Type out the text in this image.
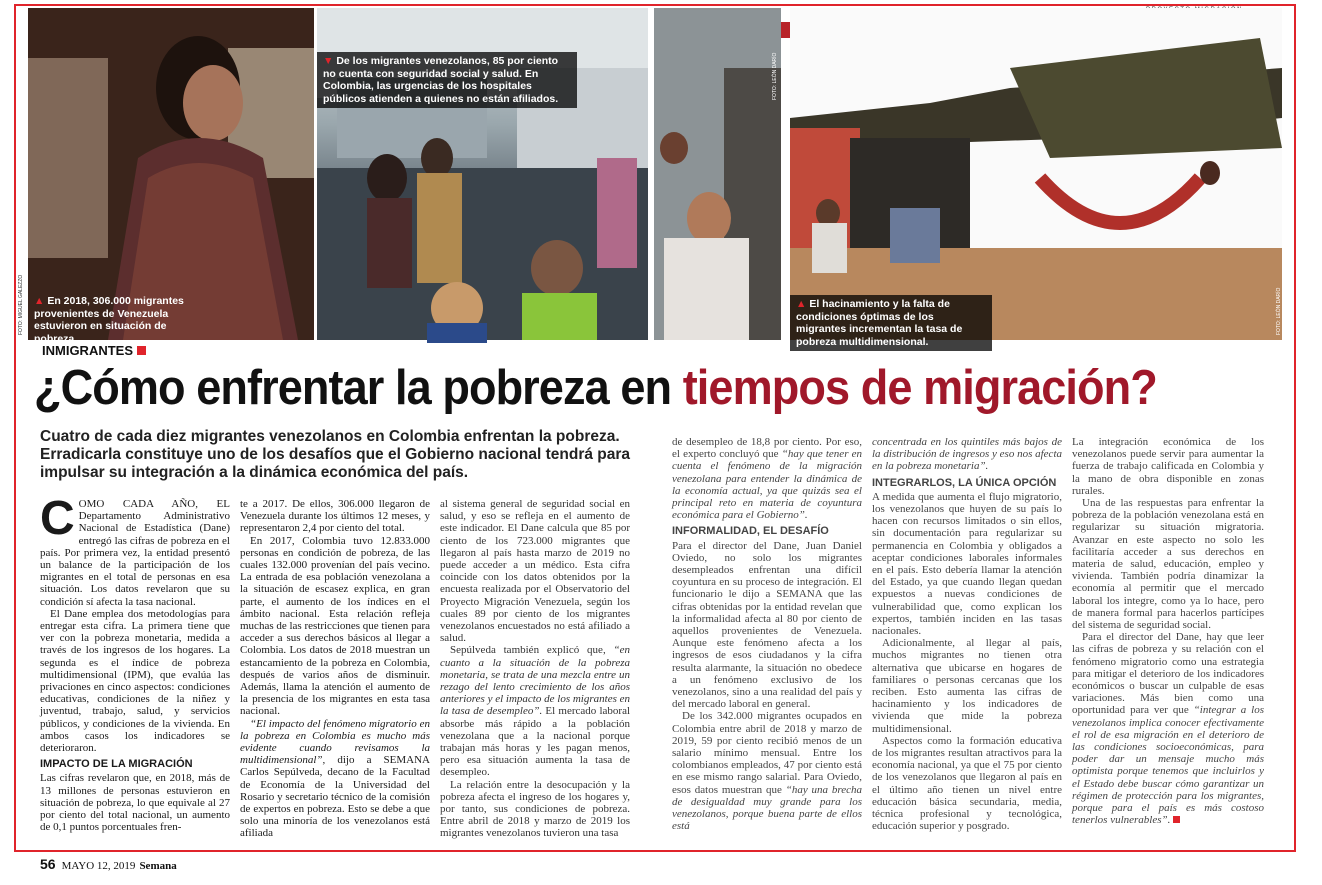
▲ En 2018, 306.000 migrantes provenientes de Venezuela estuvieron en situación de pobreza.
FOTO: MIGUEL GALEZZO
▼ De los migrantes venezolanos, 85 por ciento no cuenta con seguridad social y salud. En Colombia, las urgencias de los hospitales públicos atienden a quienes no están afiliados.	FOTO: LEÓN DARÍO
▲ El hacinamiento y la falta de condiciones óptimas de los migrantes incrementan la tasa de pobreza multidimensional.
FOTO: LEÓN DARÍO
INMIGRANTES
¿Cómo enfrentar la pobreza en tiempos de migración?
Cuatro de cada diez migrantes venezolanos en Colombia enfrentan la pobreza. Erradicarla constituye uno de los desafíos que el Gobierno nacional tendrá para impulsar su integración a la dinámica económica del país.
C OMO CADA AÑO, EL Departamento Administrativo Nacional de Estadística (Dane) entregó las cifras de pobreza en el país. Por primera vez, la entidad presentó un balance de la participación de los migrantes en el total de personas en esa situación. Los datos revelaron que su condición sí afecta la tasa nacional.

El Dane emplea dos metodologías para entregar esta cifra. La primera tiene que ver con la pobreza monetaria, medida a través de los ingresos de los hogares. La segunda es el índice de pobreza multidimensional (IPM), que evalúa las privaciones en cinco aspectos: condiciones educativas, condiciones de la niñez y juventud, trabajo, salud, y servicios públicos, y condiciones de la vivienda. En ambos casos los indicadores se deterioraron.

IMPACTO DE LA MIGRACIÓN

Las cifras revelaron que, en 2018, más de 13 millones de personas estuvieron en situación de pobreza, lo que equivale al 27 por ciento del total nacional, un aumento de 0,1 puntos porcentuales fren-

te a 2017. De ellos, 306.000 llegaron de Venezuela durante los últimos 12 meses, y representaron 2,4 por ciento del total.

En 2017, Colombia tuvo 12.833.000 personas en condición de pobreza, de las cuales 132.000 provenían del país vecino. La entrada de esa población venezolana a la situación de escasez explica, en gran parte, el aumento de los índices en el ámbito nacional. Esta relación refleja muchas de las restricciones que tienen para acceder a sus derechos básicos al llegar a Colombia. Los datos de 2018 muestran un estancamiento de la pobreza en Colombia, después de varios años de disminuir. Además, llama la atención el aumento de la presencia de los migrantes en esta tasa nacional.

“El impacto del fenómeno migratorio en la pobreza en Colombia es mucho más evidente cuando revisamos la multidimensional”, dijo a SEMANA Carlos Sepúlveda, decano de la Facultad de Economía de la Universidad del Rosario y secretario técnico de la comisión de expertos en pobreza. Esto se debe a que solo una minoría de los venezolanos está afiliada

al sistema general de seguridad social en salud, y eso se refleja en el aumento de este indicador. El Dane calcula que 85 por ciento de los 723.000 migrantes que llegaron al país hasta marzo de 2019 no puede acceder a un médico. Esta cifra coincide con los datos obtenidos por la encuesta realizada por el Observatorio del Proyecto Migración Venezuela, según los cuales 89 por ciento de los migrantes venezolanos encuestados no está afiliado a salud.

Sepúlveda también explicó que, “en cuanto a la situación de la pobreza monetaria, se trata de una mezcla entre un rezago del lento crecimiento de los años anteriores y el impacto de los migrantes en la tasa de desempleo”. El mercado laboral absorbe más rápido a la población venezolana que a la nacional porque trabajan más horas y les pagan menos, pero esa situación aumenta la tasa de desempleo.

La relación entre la desocupación y la pobreza afecta el ingreso de los hogares y, por tanto, sus condiciones de pobreza. Entre abril de 2018 y marzo de 2019 los migrantes venezolanos tuvieron una tasa

de desempleo de 18,8 por ciento. Por eso, el experto concluyó que “hay que tener en cuenta el fenómeno de la migración venezolana para entender la dinámica de la economía actual, ya que quizás sea el principal reto en materia de coyuntura económica para el Gobierno”.

INFORMALIDAD, EL DESAFÍO

Para el director del Dane, Juan Daniel Oviedo, no solo los migrantes desempleados enfrentan una difícil coyuntura en su proceso de integración. El funcionario le dijo a SEMANA que las cifras obtenidas por la entidad revelan que la informalidad afecta al 80 por ciento de aquellos provenientes de Venezuela. Aunque este fenómeno afecta a los ingresos de esos ciudadanos y la cifra resulta alarmante, la situación no obedece a un fenómeno exclusivo de los venezolanos, sino a una realidad del país y del mercado laboral en general.

De los 342.000 migrantes ocupados en Colombia entre abril de 2018 y marzo de 2019, 59 por ciento recibió menos de un salario mínimo mensual. Entre los colombianos empleados, 47 por ciento está en ese mismo rango salarial. Para Oviedo, esos datos muestran que “hay una brecha de desigualdad muy grande para los venezolanos, porque buena parte de ellos está

concentrada en los quintiles más bajos de la distribución de ingresos y eso nos afecta en la pobreza monetaria”.

INTEGRARLOS, LA ÚNICA OPCIÓN

A medida que aumenta el flujo migratorio, los venezolanos que huyen de su país lo hacen con recursos limitados o sin ellos, sin documentación para regularizar su permanencia en Colombia y obligados a aceptar condiciones laborales informales en el país. Esto debería llamar la atención del Estado, ya que cuando llegan quedan expuestos a nuevas condiciones de vulnerabilidad que, como explican los expertos, también inciden en las tasas nacionales.

Adicionalmente, al llegar al país, muchos migrantes no tienen otra alternativa que ubicarse en hogares de familiares o personas cercanas que los reciben. Esto aumenta las cifras de hacinamiento y los indicadores de vivienda que mide la pobreza multidimensional.

Aspectos como la formación educativa de los migrantes resultan atractivos para la economía nacional, ya que el 75 por ciento de los venezolanos que llegaron al país en el último año tienen un nivel entre educación básica secundaria, media, técnica profesional y tecnológica, educación superior y posgrado.

La integración económica de los venezolanos puede servir para aumentar la fuerza de trabajo calificada en Colombia y la mano de obra disponible en zonas rurales.

Una de las respuestas para enfrentar la pobreza de la población venezolana está en regularizar su situación migratoria. Avanzar en este aspecto no solo les facilitaría acceder a sus derechos en materia de salud, educación, empleo y vivienda. También podría dinamizar la economía al permitir que el mercado laboral los integre, como ya lo hace, pero de manera formal para hacerlos partícipes del sistema de seguridad social.

Para el director del Dane, hay que leer las cifras de pobreza y su relación con el fenómeno migratorio como una estrategia para mitigar el deterioro de los indicadores económicos o buscar un culpable de esas variaciones. Más bien como una oportunidad para ver que “integrar a los venezolanos implica conocer efectivamente el rol de esa migración en el deterioro de las condiciones socioeconómicas, para poder dar un mensaje mucho más optimista porque tenemos que incluirlos y el Estado debe buscar cómo garantizar un régimen de protección para los migrantes, porque para el país es más costoso tenerlos vulnerables”.

56 MAYO 12, 2019 Semana
